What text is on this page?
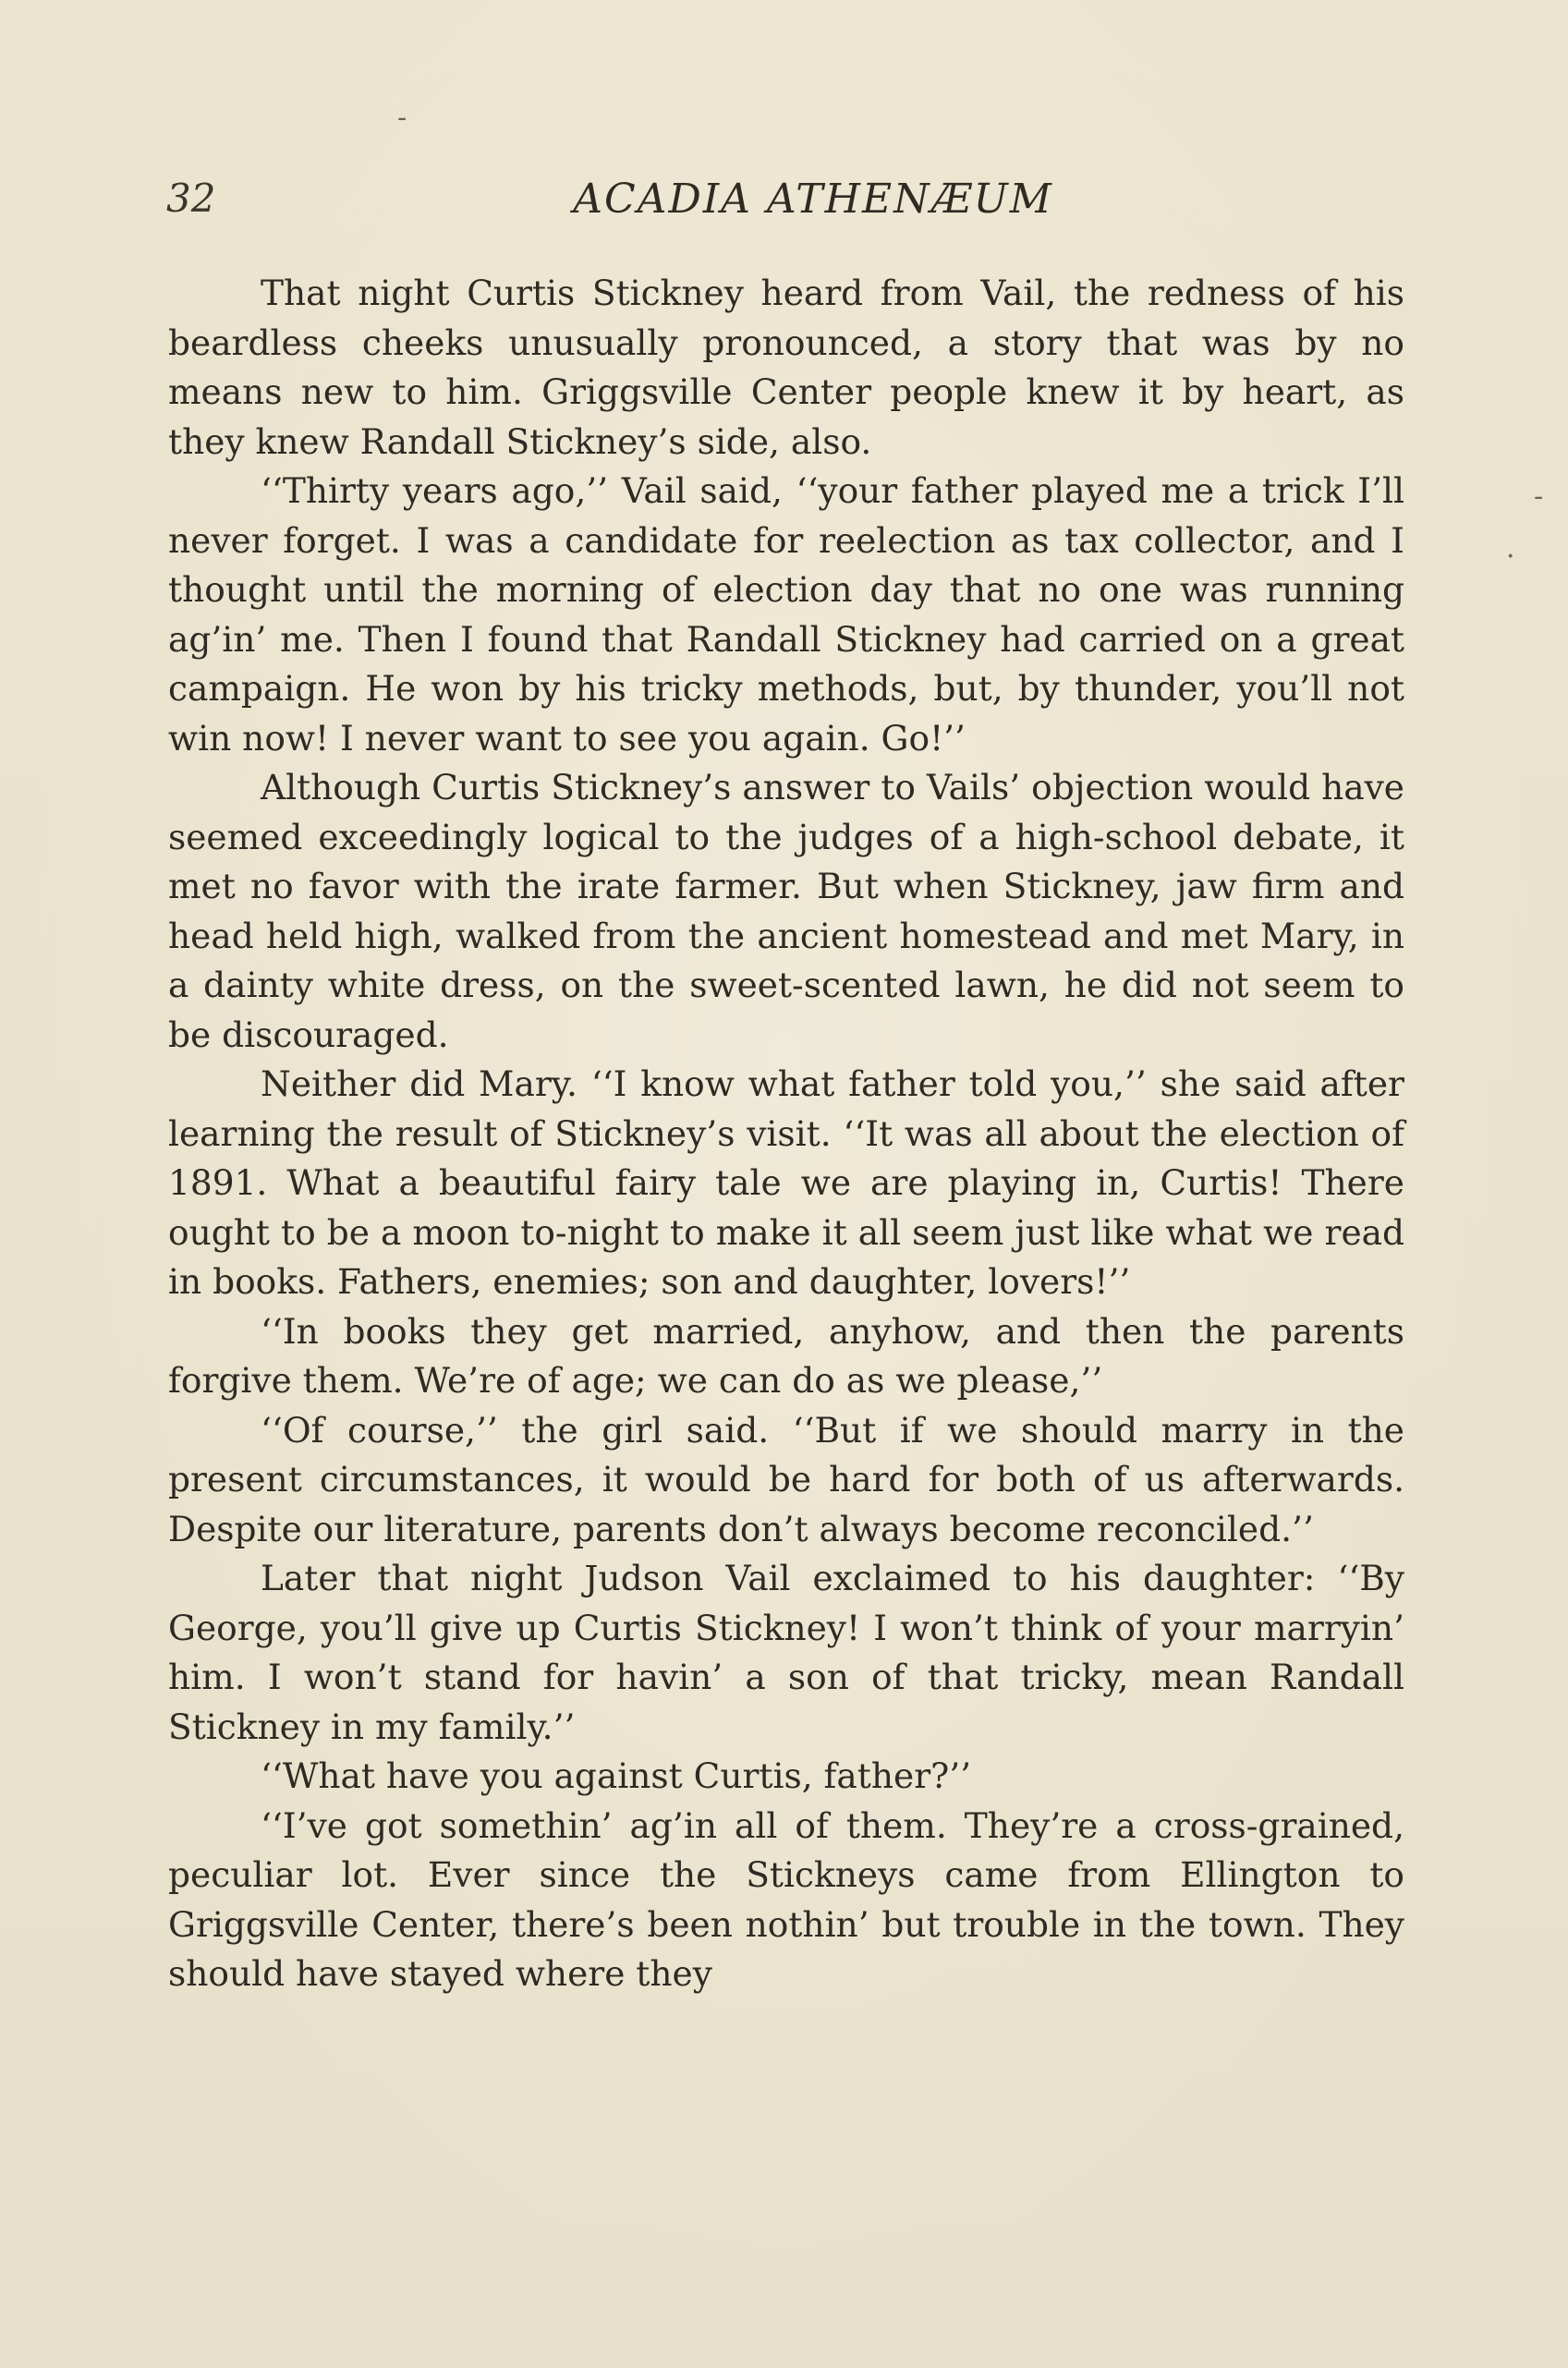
32	ACADIA ATHENÆUM

That night Curtis Stickney heard from Vail, the redness of his beardless cheeks unusually pronounced, a story that was by no means new to him. Griggsville Center people knew it by heart, as they knew Randall Stickney’s side, also.

‘‘Thirty years ago,’’ Vail said, ‘‘your father played me a trick I’ll never forget. I was a candidate for reelection as tax collector, and I thought until the morning of election day that no one was running ag’in’ me. Then I found that Randall Stickney had carried on a great campaign. He won by his tricky methods, but, by thunder, you’ll not win now! I never want to see you again. Go!’’

Although Curtis Stickney’s answer to Vails’ objection would have seemed exceedingly logical to the judges of a high-school debate, it met no favor with the irate farmer. But when Stickney, jaw firm and head held high, walked from the ancient homestead and met Mary, in a dainty white dress, on the sweet-scented lawn, he did not seem to be discouraged.

Neither did Mary. ‘‘I know what father told you,’’ she said after learning the result of Stickney’s visit. ‘‘It was all about the election of 1891. What a beautiful fairy tale we are playing in, Curtis! There ought to be a moon to-night to make it all seem just like what we read in books. Fathers, enemies; son and daughter, lovers!’’

‘‘In books they get married, anyhow, and then the parents forgive them. We’re of age; we can do as we please,’’

‘‘Of course,’’ the girl said. ‘‘But if we should marry in the present circumstances, it would be hard for both of us afterwards. Despite our literature, parents don’t always become reconciled.’’

Later that night Judson Vail exclaimed to his daughter: ‘‘By George, you’ll give up Curtis Stickney! I won’t think of your marryin’ him. I won’t stand for havin’ a son of that tricky, mean Randall Stickney in my family.’’

‘‘What have you against Curtis, father?’’

‘‘I’ve got somethin’ ag’in all of them. They’re a cross-grained, peculiar lot. Ever since the Stickneys came from Ellington to Griggsville Center, there’s been nothin’ but trouble in the town. They should have stayed where they

-
·
-
